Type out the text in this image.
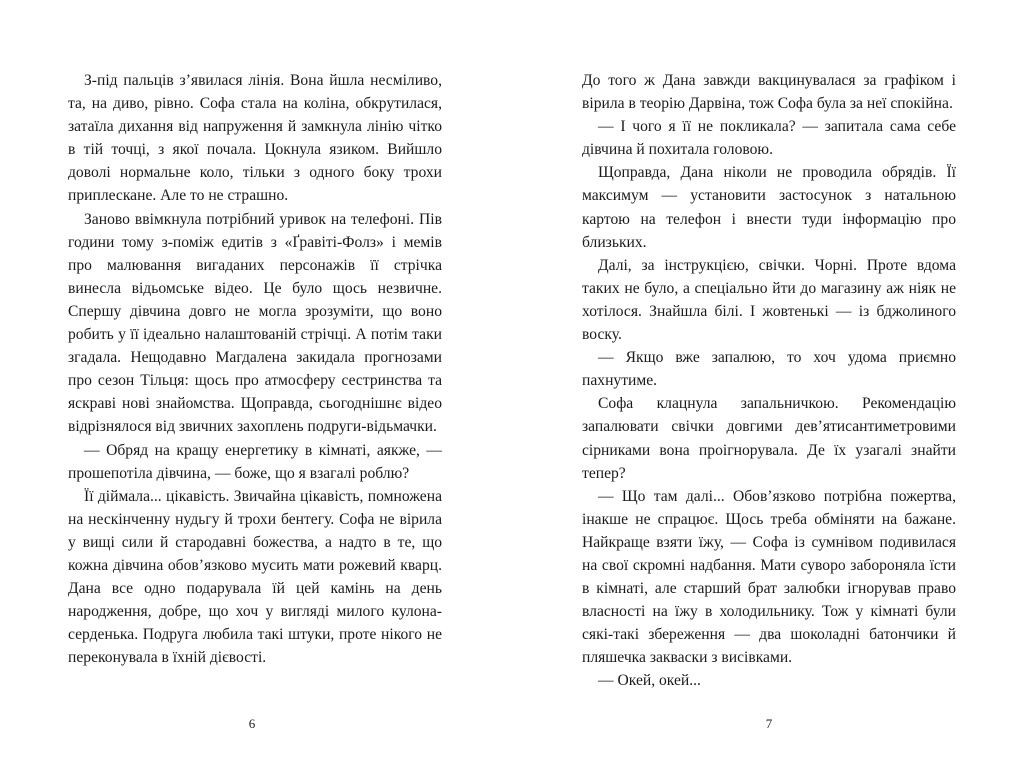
З-під пальців з’явилася лінія. Вона йшла несміливо, та, на диво, рівно. Софа стала на коліна, обкрутилася, затаїла дихання від напруження й замкнула лінію чітко в тій точці, з якої почала. Цокнула язиком. Вийшло доволі нормальне коло, тільки з одного боку трохи приплескане. Але то не страшно.

Заново ввімкнула потрібний уривок на телефоні. Пів години тому з-поміж едитів з «Ґравіті-Фолз» і мемів про малювання вигаданих персонажів її стрічка винесла відьомське відео. Це було щось незвичне. Спершу дівчина довго не могла зрозуміти, що воно робить у її ідеально налаштованій стрічці. А потім таки згадала. Нещодавно Магдалена закидала прогнозами про сезон Тільця: щось про атмосферу сестринства та яскраві нові знайомства. Щоправда, сьогоднішнє відео відрізнялося від звичних захоплень подруги-відьмачки.

— Обряд на кращу енергетику в кімнаті, аякже, — прошепотіла дівчина, — боже, що я взагалі роблю?

Її діймала... цікавість. Звичайна цікавість, помножена на нескінченну нудьгу й трохи бентегу. Софа не вірила у вищі сили й стародавні божества, а надто в те, що кожна дівчина обов’язково мусить мати рожевий кварц. Дана все одно подарувала їй цей камінь на день народження, добре, що хоч у вигляді милого кулона-серденька. Подруга любила такі штуки, проте нікого не переконувала в їхній дієвості.

6

До того ж Дана завжди вакцинувалася за графіком і вірила в теорію Дарвіна, тож Софа була за неї спокійна.

— І чого я її не покликала? — запитала сама себе дівчина й похитала головою.

Щоправда, Дана ніколи не проводила обрядів. Її максимум — установити застосунок з натальною картою на телефон і внести туди інформацію про близьких.

Далі, за інструкцією, свічки. Чорні. Проте вдома таких не було, а спеціально йти до магазину аж ніяк не хотілося. Знайшла білі. І жовтенькі — із бджолиного воску.

— Якщо вже запалюю, то хоч удома приємно пахнутиме.

Софа клацнула запальничкою. Рекомендацію запалювати свічки довгими дев’ятисантиметровими сірниками вона проігнорувала. Де їх узагалі знайти тепер?

— Що там далі... Обов’язково потрібна пожертва, інакше не спрацює. Щось треба обміняти на бажане. Найкраще взяти їжу, — Софа із сумнівом подивилася на свої скромні надбання. Мати суворо забороняла їсти в кімнаті, але старший брат залюбки ігнорував право власності на їжу в холодильнику. Тож у кімнаті були сякі-такі збереження — два шоколадні батончики й пляшечка закваски з висівками.

— Окей, окей...

7
